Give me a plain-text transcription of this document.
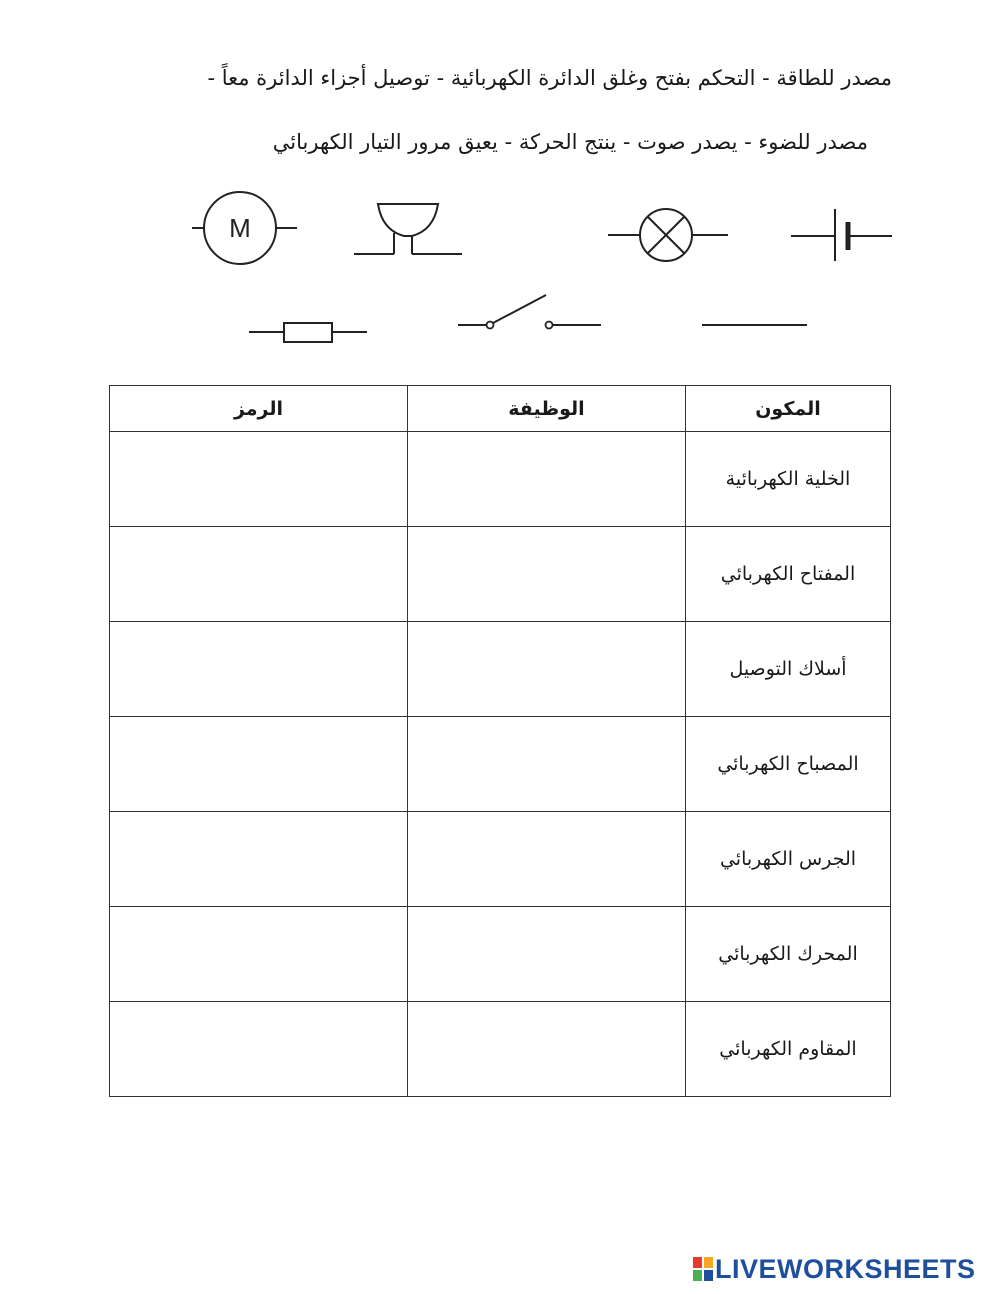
مصدر للطاقة - التحكم بفتح وغلق الدائرة الكهربائية - توصيل أجزاء الدائرة معاً -
مصدر للضوء - يصدر صوت - ينتج الحركة - يعيق مرور التيار الكهربائي
M
المكون	الوظيفة	الرمز
الخلية الكهربائية		
المفتاح الكهربائي		
أسلاك التوصيل		
المصباح الكهربائي		
الجرس الكهربائي		
المحرك الكهربائي		
المقاوم الكهربائي		
LIVEWORKSHEETS
